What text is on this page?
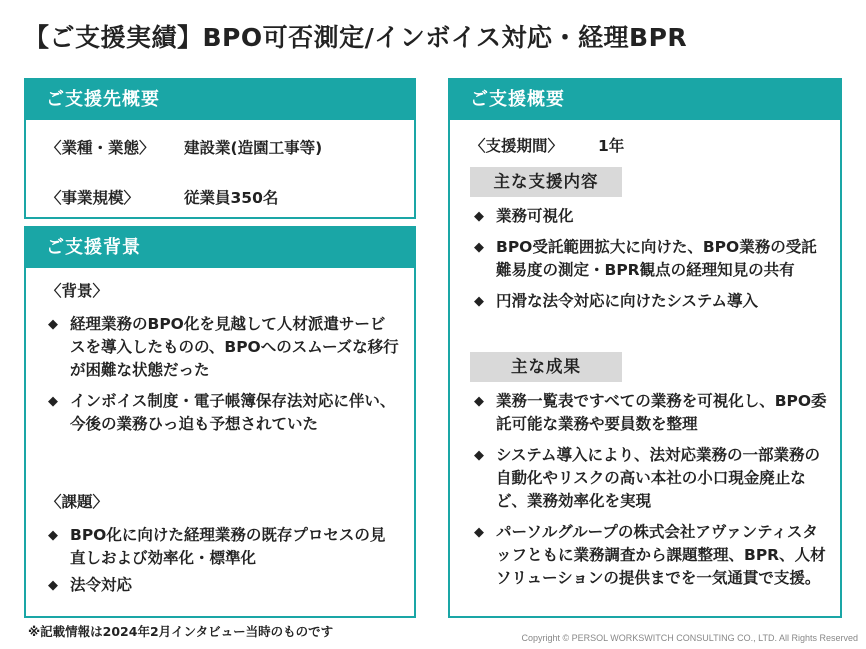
【ご支援実績】BPO可否測定/インボイス対応・経理BPR
ご支援先概要
〈業種・業態〉 建設業(造園工事等)
〈事業規模〉	従業員350名
ご支援背景
〈背景〉
◆ 経理業務のBPO化を見越して人材派遣サービスを導入したものの、BPOへのスムーズな移行が困難な状態だった
◆ インボイス制度・電子帳簿保存法対応に伴い、今後の業務ひっ迫も予想されていた
〈課題〉
◆ BPO化に向けた経理業務の既存プロセスの見直しおよび効率化・標準化
◆ 法令対応
ご支援概要
〈支援期間〉 1年
主な支援内容
◆ 業務可視化
◆ BPO受託範囲拡大に向けた、BPO業務の受託難易度の測定・BPR観点の経理知見の共有
◆ 円滑な法令対応に向けたシステム導入
主な成果
◆ 業務一覧表ですべての業務を可視化し、BPO委託可能な業務や要員数を整理
◆ システム導入により、法対応業務の一部業務の自動化やリスクの高い本社の小口現金廃止など、業務効率化を実現
◆ パーソルグループの株式会社アヴァンティスタッフともに業務調査から課題整理、BPR、人材ソリューションの提供までを一気通貫で支援。
※記載情報は2024年2月インタビュー当時のものです	Copyright © PERSOL WORKSWITCH CONSULTING CO., LTD. All Rights Reserved
